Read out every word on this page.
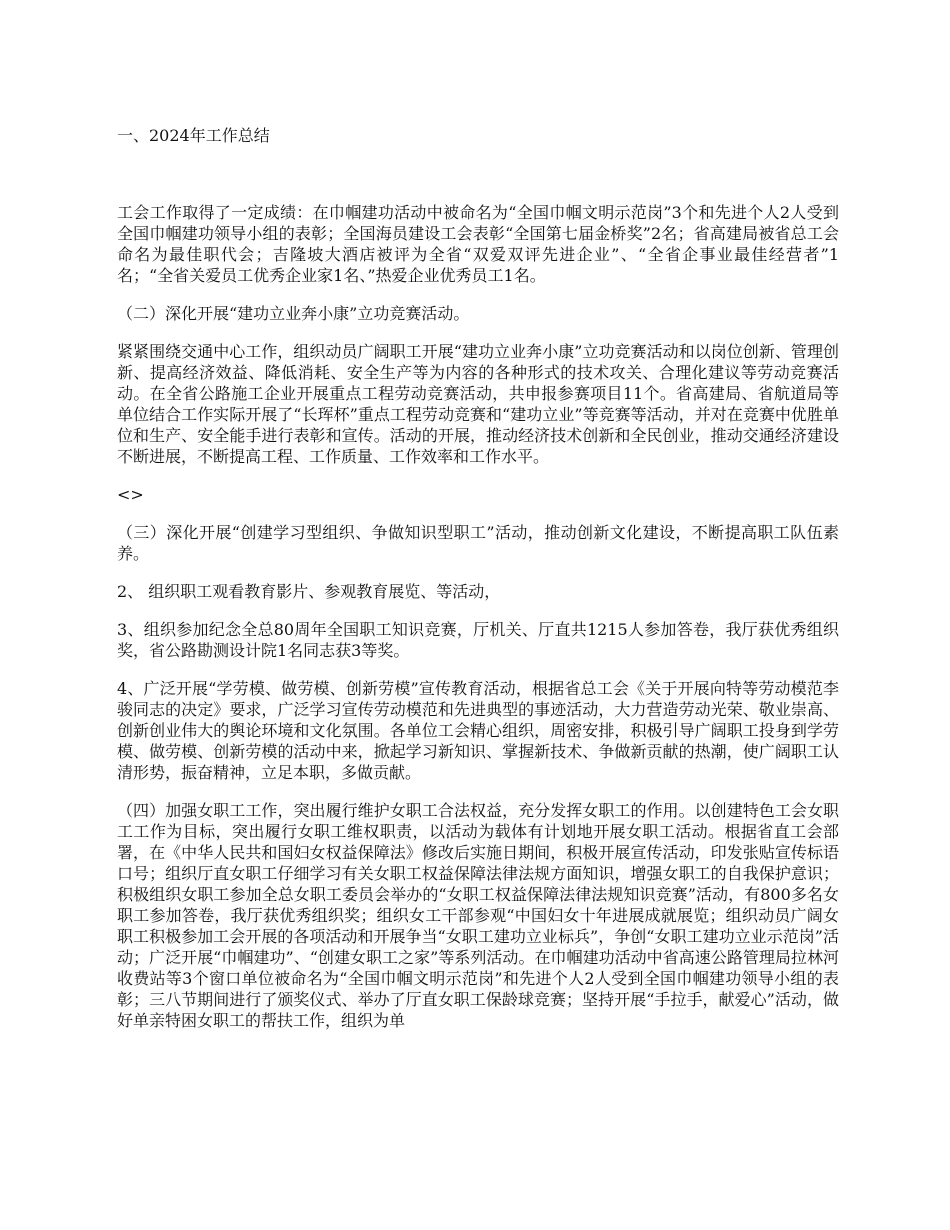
一、2024年工作总结

工会工作取得了一定成绩：在巾帼建功活动中被命名为“全国巾帼文明示范岗”3个和先进个人2人受到全国巾帼建功领导小组的表彰；全国海员建设工会表彰“全国第七届金桥奖”2名；省高建局被省总工会命名为最佳职代会；吉隆坡大酒店被评为全省“双爱双评先进企业”、“全省企事业最佳经营者”1名；“全省关爱员工优秀企业家1名、”热爱企业优秀员工1名。

（二）深化开展“建功立业奔小康”立功竞赛活动。

紧紧围绕交通中心工作，组织动员广阔职工开展“建功立业奔小康”立功竞赛活动和以岗位创新、管理创新、提高经济效益、降低消耗、安全生产等为内容的各种形式的技术攻关、合理化建议等劳动竞赛活动。在全省公路施工企业开展重点工程劳动竞赛活动，共申报参赛项目11个。省高建局、省航道局等单位结合工作实际开展了“长珲杯”重点工程劳动竞赛和“建功立业”等竞赛等活动，并对在竞赛中优胜单位和生产、安全能手进行表彰和宣传。活动的开展，推动经济技术创新和全民创业，推动交通经济建设不断进展，不断提高工程、工作质量、工作效率和工作水平。

<>

（三）深化开展“创建学习型组织、争做知识型职工”活动，推动创新文化建设，不断提高职工队伍素养。

2、 组织职工观看教育影片、参观教育展览、等活动，

3、组织参加纪念全总80周年全国职工知识竞赛，厅机关、厅直共1215人参加答卷，我厅获优秀组织奖，省公路勘测设计院1名同志获3等奖。

4、广泛开展“学劳模、做劳模、创新劳模”宣传教育活动，根据省总工会《关于开展向特等劳动模范李骏同志的决定》要求，广泛学习宣传劳动模范和先进典型的事迹活动，大力营造劳动光荣、敬业崇高、创新创业伟大的舆论环境和文化氛围。各单位工会精心组织，周密安排，积极引导广阔职工投身到学劳模、做劳模、创新劳模的活动中来，掀起学习新知识、掌握新技术、争做新贡献的热潮，使广阔职工认清形势，振奋精神，立足本职，多做贡献。

（四）加强女职工工作，突出履行维护女职工合法权益，充分发挥女职工的作用。以创建特色工会女职工工作为目标，突出履行女职工维权职责，以活动为载体有计划地开展女职工活动。根据省直工会部署，在《中华人民共和国妇女权益保障法》修改后实施日期间，积极开展宣传活动，印发张贴宣传标语口号；组织厅直女职工仔细学习有关女职工权益保障法律法规方面知识，增强女职工的自我保护意识；积极组织女职工参加全总女职工委员会举办的“女职工权益保障法律法规知识竞赛”活动，有800多名女职工参加答卷，我厅获优秀组织奖；组织女工干部参观“中国妇女十年进展成就展览；组织动员广阔女职工积极参加工会开展的各项活动和开展争当“女职工建功立业标兵”，争创“女职工建功立业示范岗”活动；广泛开展“巾帼建功”、“创建女职工之家”等系列活动。在巾帼建功活动中省高速公路管理局拉林河收费站等3个窗口单位被命名为“全国巾帼文明示范岗”和先进个人2人受到全国巾帼建功领导小组的表彰；三八节期间进行了颁奖仪式、举办了厅直女职工保龄球竞赛；坚持开展“手拉手，献爱心”活动，做好单亲特困女职工的帮扶工作，组织为单
